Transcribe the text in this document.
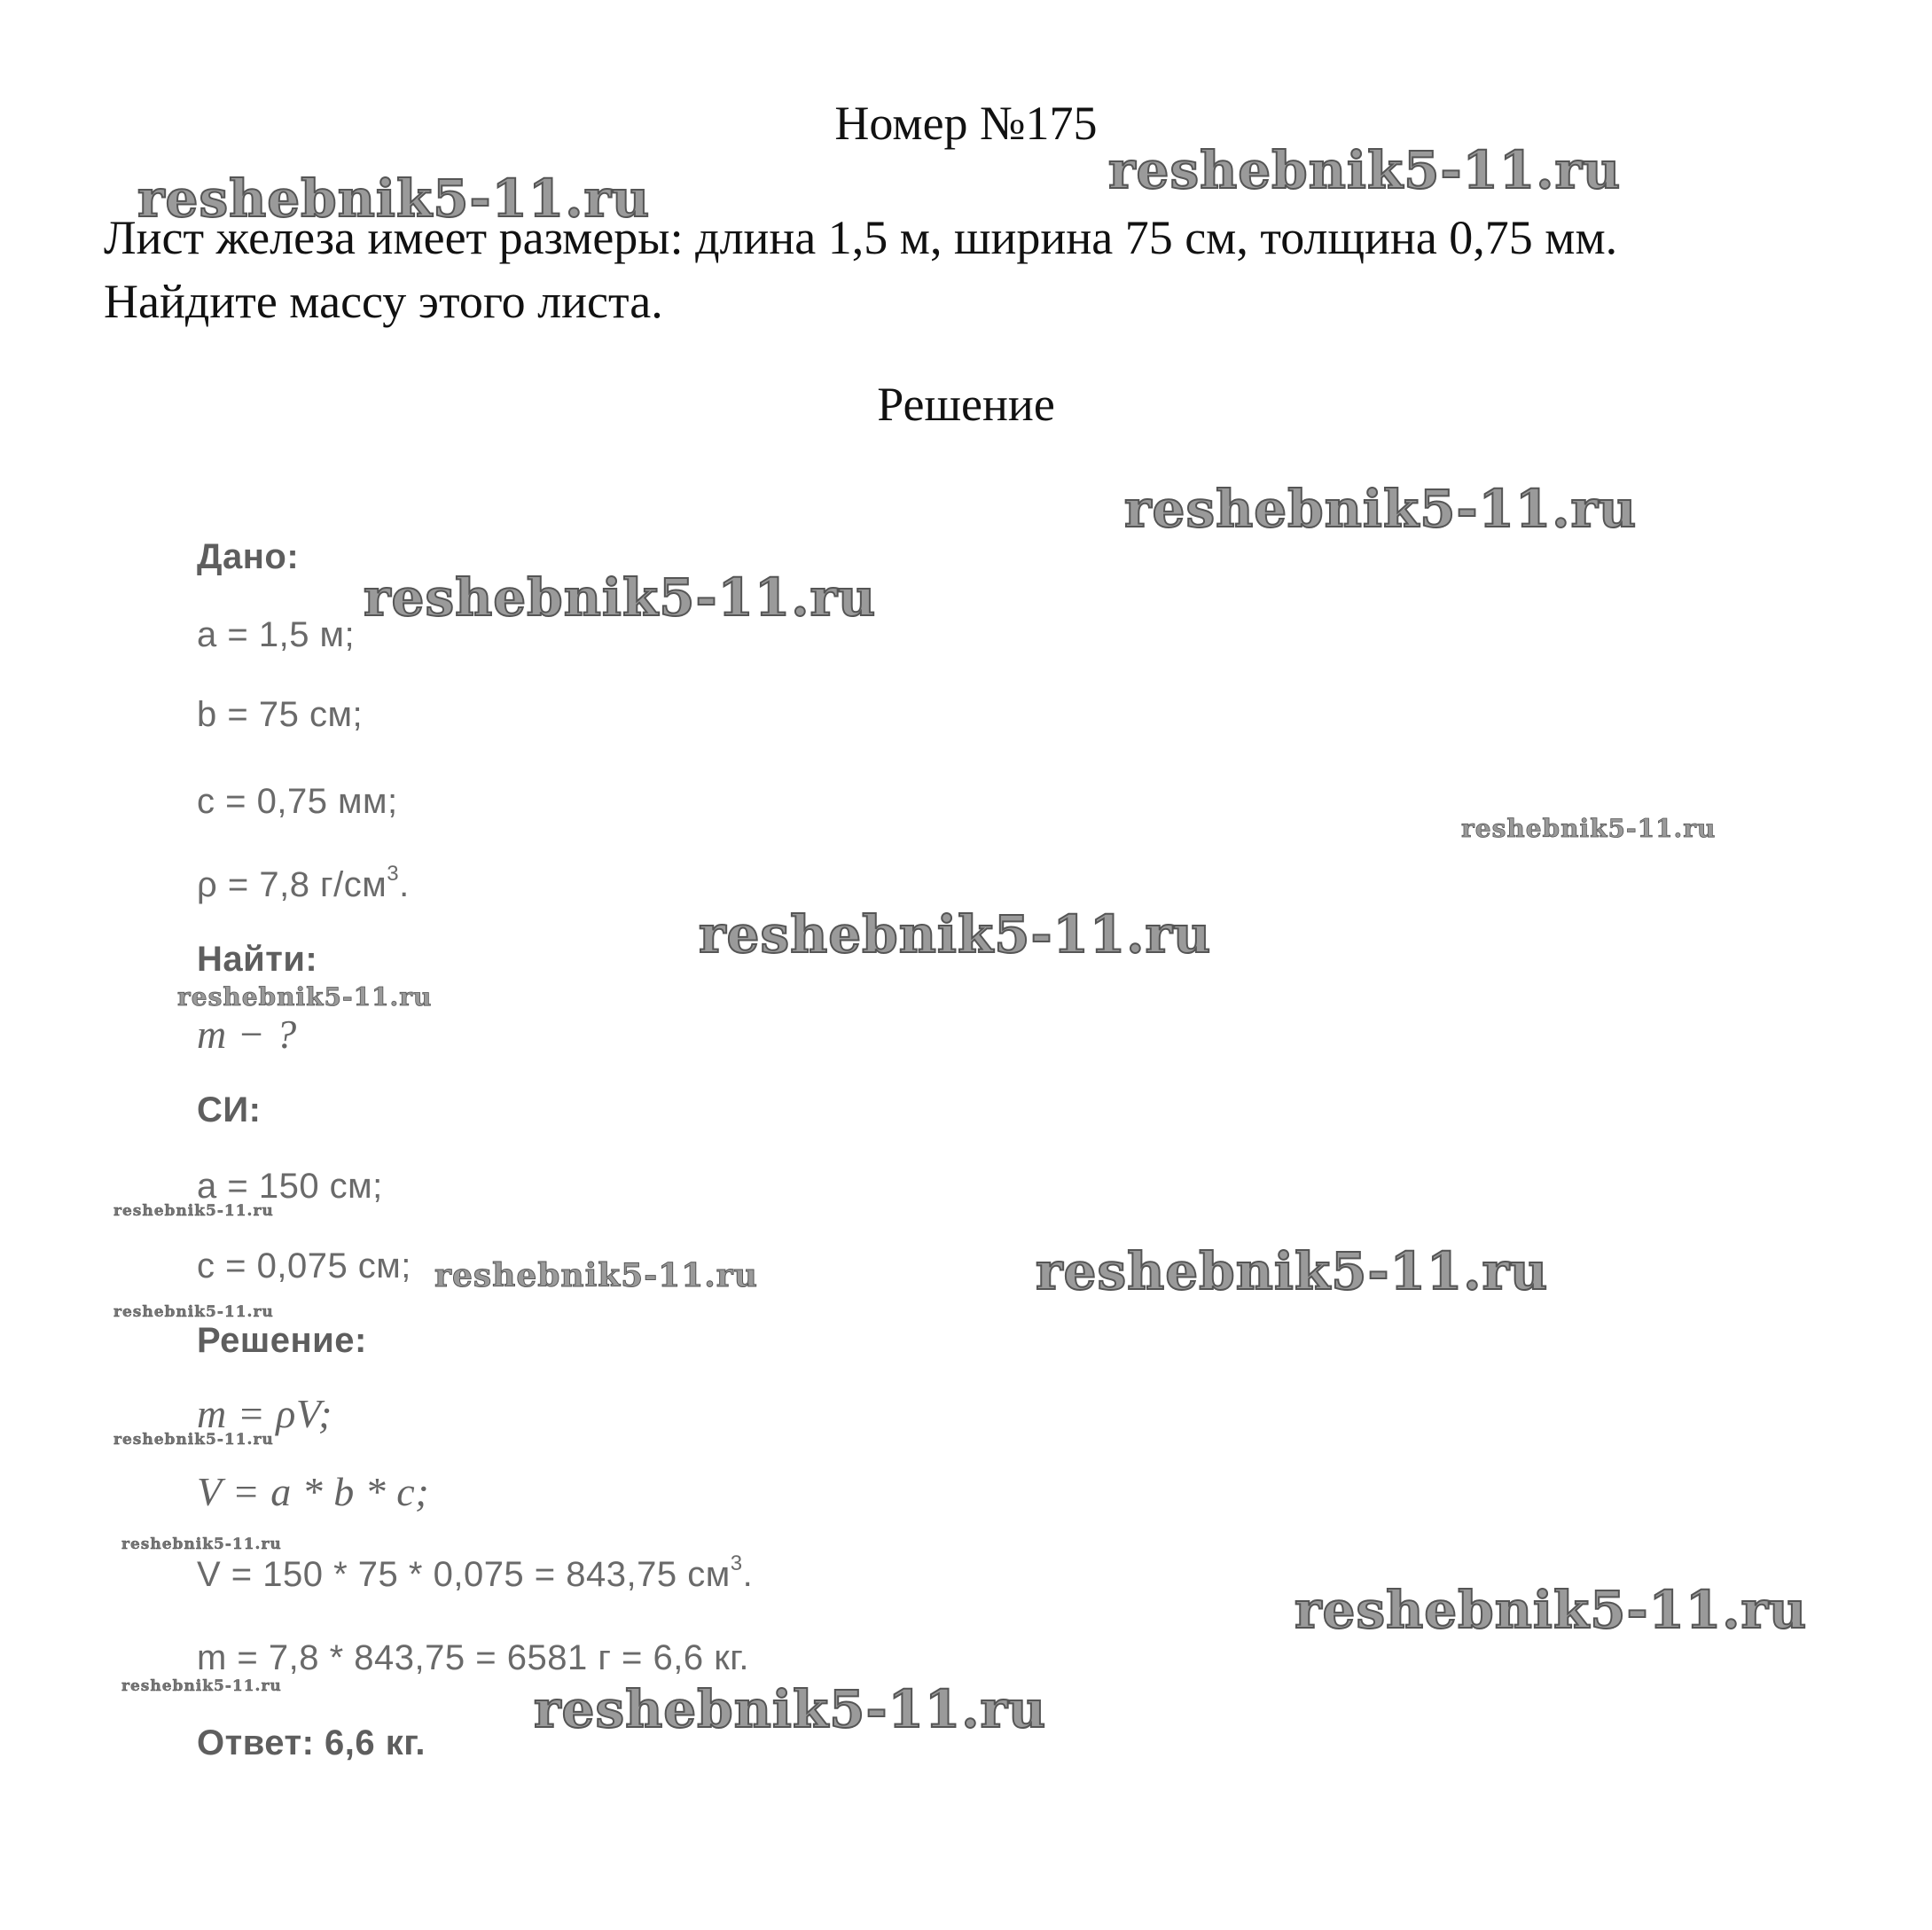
Номер №175
Лист железа имеет размеры: длина 1,5 м, ширина 75 см, толщина 0,75 мм.
Найдите массу этого листа.
Решение
Дано:
a = 1,5 м;
b = 75 см;
c = 0,75 мм;
ρ = 7,8 $г/см^3$.
Найти:
m − ?
СИ:
a = 150 см;
c = 0,075 см;
Решение:
m = ρV;
V = a * b * c;
V = 150 * 75 * 0,075 = 843,75 $см^3$.
m = 7,8 * 843,75 = 6581 г = 6,6 кг.
Ответ: 6,6 кг.
reshebnik5-11.ru	reshebnik5-11.ru
reshebnik5-11.ru
reshebnik5-11.ru
reshebnik5-11.ru
reshebnik5-11.ru
reshebnik5-11.ru
reshebnik5-11.ru
reshebnik5-11.ru	reshebnik5-11.ru
reshebnik5-11.ru
reshebnik5-11.ru
reshebnik5-11.ru
reshebnik5-11.ru
reshebnik5-11.ru	reshebnik5-11.ru
